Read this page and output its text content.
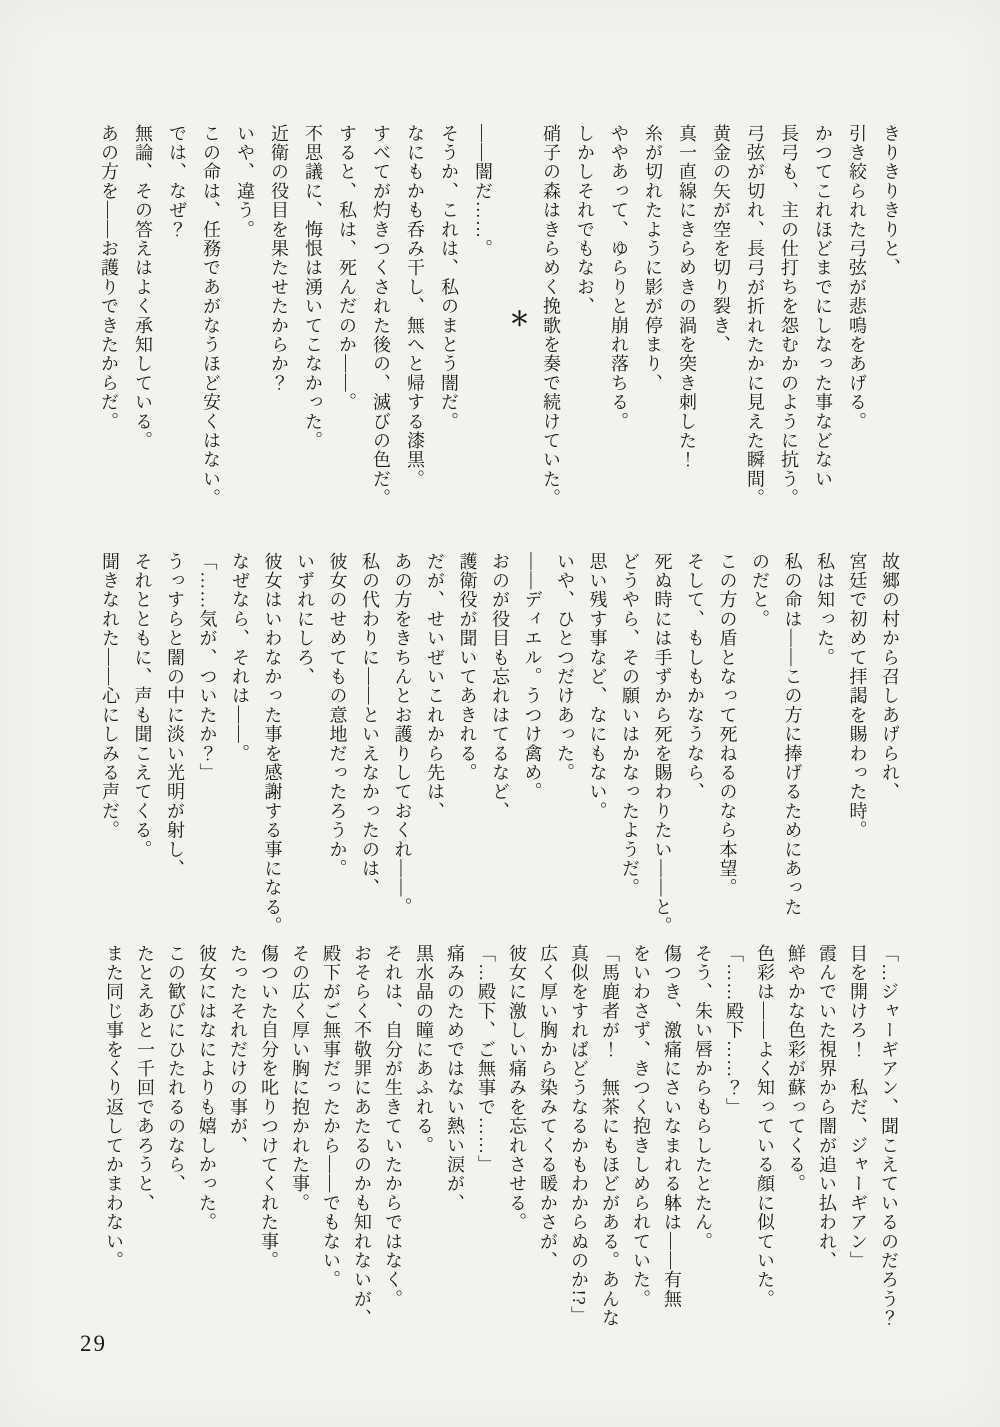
きりきりきりと、

引き絞られた弓弦が悲鳴をあげる。

かつてこれほどまでにしなった事などない

長弓も、主の仕打ちを怨むかのように抗う。

弓弦が切れ、長弓が折れたかに見えた瞬間。

黄金の矢が空を切り裂き、

真一直線にきらめきの渦を突き刺した！

糸が切れたように影が停まり、

ややあって、ゆらりと崩れ落ちる。

しかしそれでもなお、

硝子の森はきらめく挽歌を奏で続けていた。

＊

——闇だ……。

そうか、これは、私のまとう闇だ。

なにもかも呑み干し、無へと帰する漆黒。

すべてが灼きつくされた後の、滅びの色だ。

すると、私は、死んだのか——。

不思議に、悔恨は湧いてこなかった。

近衛の役目を果たせたからか？

いや、違う。

この命は、任務であがなうほど安くはない。

では、なぜ？

無論、その答えはよく承知している。

あの方を——お護りできたからだ。

故郷の村から召しあげられ、

宮廷で初めて拝謁を賜わった時。

私は知った。

私の命は——この方に捧げるためにあった

のだと。

この方の盾となって死ねるのなら本望。

そして、もしもかなうなら、

死ぬ時には手ずから死を賜わりたい——と。

どうやら、その願いはかなったようだ。

思い残す事など、なにもない。

いや、ひとつだけあった。

——ディエル。うつけ禽め。

おのが役目も忘れはてるなど、

護衛役が聞いてあきれる。

だが、せいぜいこれから先は、

あの方をきちんとお護りしておくれ——。

私の代わりに——といえなかったのは、

彼女のせめてもの意地だったろうか。

いずれにしろ、

彼女はいわなかった事を感謝する事になる。

なぜなら、それは——。

「……気が、ついたか？」

うっすらと闇の中に淡い光明が射し、

それとともに、声も聞こえてくる。

聞きなれた——心にしみる声だ。

「…ジャーギアン、聞こえているのだろう？

目を開けろ！　私だ、ジャーギアン」

霞んでいた視界から闇が追い払われ、

鮮やかな色彩が蘇ってくる。

色彩は——よく知っている顔に似ていた。

「……殿下……？」

そう、朱い唇からもらしたとたん。

傷つき、激痛にさいなまれる躰は——有無

をいわさず、きつく抱きしめられていた。

「馬鹿者が！　無茶にもほどがある。あんな

真似をすればどうなるかもわからぬのか!?」

広く厚い胸から染みてくる暖かさが、

彼女に激しい痛みを忘れさせる。

「…殿下、ご無事で……」

痛みのためではない熱い涙が、

黒水晶の瞳にあふれる。

それは、自分が生きていたからではなく。

おそらく不敬罪にあたるのかも知れないが、

殿下がご無事だったから——でもない。

その広く厚い胸に抱かれた事。

傷ついた自分を叱りつけてくれた事。

たったそれだけの事が、

彼女にはなによりも嬉しかった。

この歓びにひたれるのなら、

たとえあと一千回であろうと、

また同じ事をくり返してかまわない。

29
